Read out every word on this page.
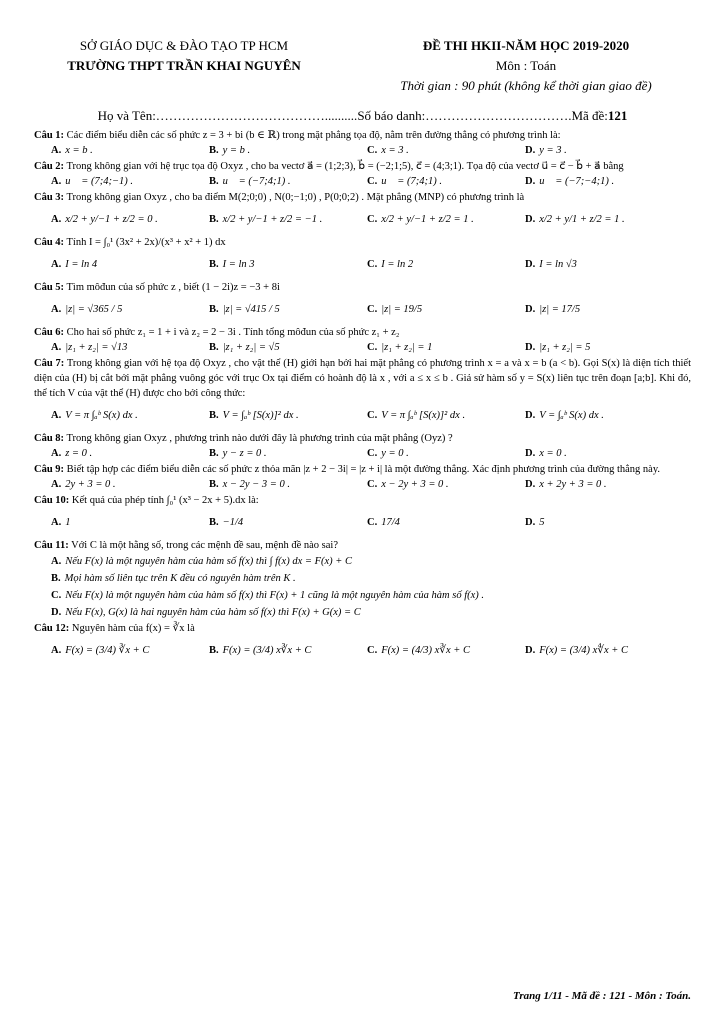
SỞ GIÁO DỤC & ĐÀO TẠO TP HCM
TRƯỜNG THPT TRẦN KHAI NGUYÊN
ĐỀ THI HKII-NĂM HỌC 2019-2020
Môn : Toán
Thời gian : 90 phút (không kể thời gian giao đề)
Họ và Tên:………………………………….......... Số báo danh:……………………………. Mã đề: 121
Câu 1: Các điểm biểu diễn các số phức z = 3 + bi (b ∈ ℝ) trong mặt phẳng tọa độ, nằm trên đường thẳng có phương trình là:
A. x = b .	B. y = b .	C. x = 3 .	D. y = 3 .
Câu 2: Trong không gian với hệ trục tọa độ Oxyz , cho ba vectơ a⃗ = (1;2;3), b⃗ = (−2;1;5), c⃗ = (4;3;1). Tọa độ của vectơ u⃗ = c⃗ − b⃗ + a⃗ bằng
A. u⃗ = (7;4;−1) .	B. u⃗ = (−7;4;1) .	C. u⃗ = (7;4;1) .	D. u⃗ = (−7;−4;1) .
Câu 3: Trong không gian Oxyz , cho ba điểm M(2;0;0) , N(0;−1;0) , P(0;0;2) . Mặt phẳng (MNP) có phương trình là
A. x/2 + y/−1 + z/2 = 0 .	B. x/2 + y/−1 + z/2 = −1 .	C. x/2 + y/−1 + z/2 = 1 .	D. x/2 + y/1 + z/2 = 1 .
Câu 4: Tính I = ∫₀¹ (3x² + 2x)/(x³ + x² + 1) dx
A. I = ln 4	B. I = ln 3	C. I = ln 2	D. I = ln √3
Câu 5: Tìm môđun của số phức z , biết (1 − 2i)z = −3 + 8i
A. |z| = √365 / 5	B. |z| = √415 / 5	C. |z| = 19/5	D. |z| = 17/5
Câu 6: Cho hai số phức z₁ = 1 + i và z₂ = 2 − 3i . Tính tổng môđun của số phức z₁ + z₂
A. |z₁ + z₂| = √13	B. |z₁ + z₂| = √5	C. |z₁ + z₂| = 1	D. |z₁ + z₂| = 5
Câu 7: Trong không gian với hệ tọa độ Oxyz , cho vật thể (H) giới hạn bởi hai mặt phẳng có phương trình x = a và x = b (a < b). Gọi S(x) là diện tích thiết diện của (H) bị cắt bởi mặt phẳng vuông góc với trục Ox tại điểm có hoành độ là x , với a ≤ x ≤ b . Giả sử hàm số y = S(x) liên tục trên đoạn [a;b]. Khi đó, thể tích V của vật thể (H) được cho bởi công thức:
A. V = π ∫ₐᵇ S(x) dx .	B. V = ∫ₐᵇ [S(x)]² dx .	C. V = π ∫ₐᵇ [S(x)]² dx .	D. V = ∫ₐᵇ S(x) dx .
Câu 8: Trong không gian Oxyz , phương trình nào dưới đây là phương trình của mặt phẳng (Oyz) ?
A. z = 0 .	B. y − z = 0 .	C. y = 0 .	D. x = 0 .
Câu 9: Biết tập hợp các điểm biểu diễn các số phức z thỏa mãn |z + 2 − 3i| = |z + i| là một đường thẳng. Xác định phương trình của đường thẳng này.
A. 2y + 3 = 0 .	B. x − 2y − 3 = 0 .	C. x − 2y + 3 = 0 .	D. x + 2y + 3 = 0 .
Câu 10: Kết quả của phép tính ∫₀¹ (x³ − 2x + 5).dx là:
A. 1	B. −1/4	C. 17/4	D. 5
Câu 11: Với C là một hằng số, trong các mệnh đề sau, mệnh đề nào sai?
A. Nếu F(x) là một nguyên hàm của hàm số f(x) thì ∫ f(x) dx = F(x) + C
B. Mọi hàm số liên tục trên K đều có nguyên hàm trên K .
C. Nếu F(x) là một nguyên hàm của hàm số f(x) thì F(x) + 1 cũng là một nguyên hàm của hàm số f(x) .
D. Nếu F(x), G(x) là hai nguyên hàm của hàm số f(x) thì F(x) + G(x) = C
Câu 12: Nguyên hàm của f(x) = ∛x là
A. F(x) = (3/4) ∛x + C	B. F(x) = (3/4) x∛x + C	C. F(x) = (4/3) x∛x + C	D. F(x) = (3/4) x∜x + C
Trang 1/11 - Mã đề : 121 - Môn : Toán.
